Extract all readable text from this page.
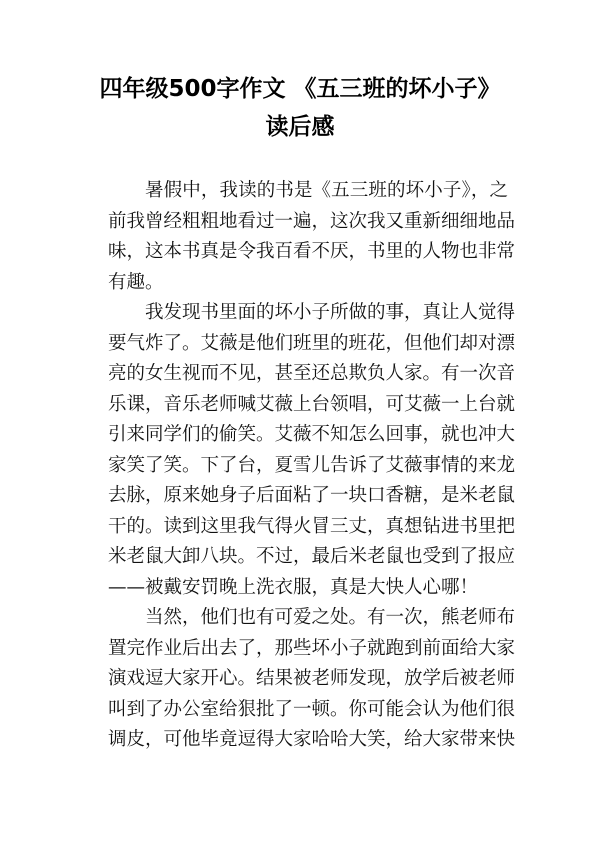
四年级500字作文 《五三班的坏小子》
读后感
暑假中，我读的书是《五三班的坏小子》，之
前我曾经粗粗地看过一遍，这次我又重新细细地品
味，这本书真是令我百看不厌，书里的人物也非常
有趣。
我发现书里面的坏小子所做的事，真让人觉得
要气炸了。艾薇是他们班里的班花，但他们却对漂
亮的女生视而不见，甚至还总欺负人家。有一次音
乐课，音乐老师喊艾薇上台领唱，可艾薇一上台就
引来同学们的偷笑。艾薇不知怎么回事，就也冲大
家笑了笑。下了台，夏雪儿告诉了艾薇事情的来龙
去脉，原来她身子后面粘了一块口香糖，是米老鼠
干的。读到这里我气得火冒三丈，真想钻进书里把
米老鼠大卸八块。不过，最后米老鼠也受到了报应
——被戴安罚晚上洗衣服，真是大快人心哪！
当然，他们也有可爱之处。有一次，熊老师布
置完作业后出去了，那些坏小子就跑到前面给大家
演戏逗大家开心。结果被老师发现，放学后被老师
叫到了办公室给狠批了一顿。你可能会认为他们很
调皮，可他毕竟逗得大家哈哈大笑，给大家带来快
